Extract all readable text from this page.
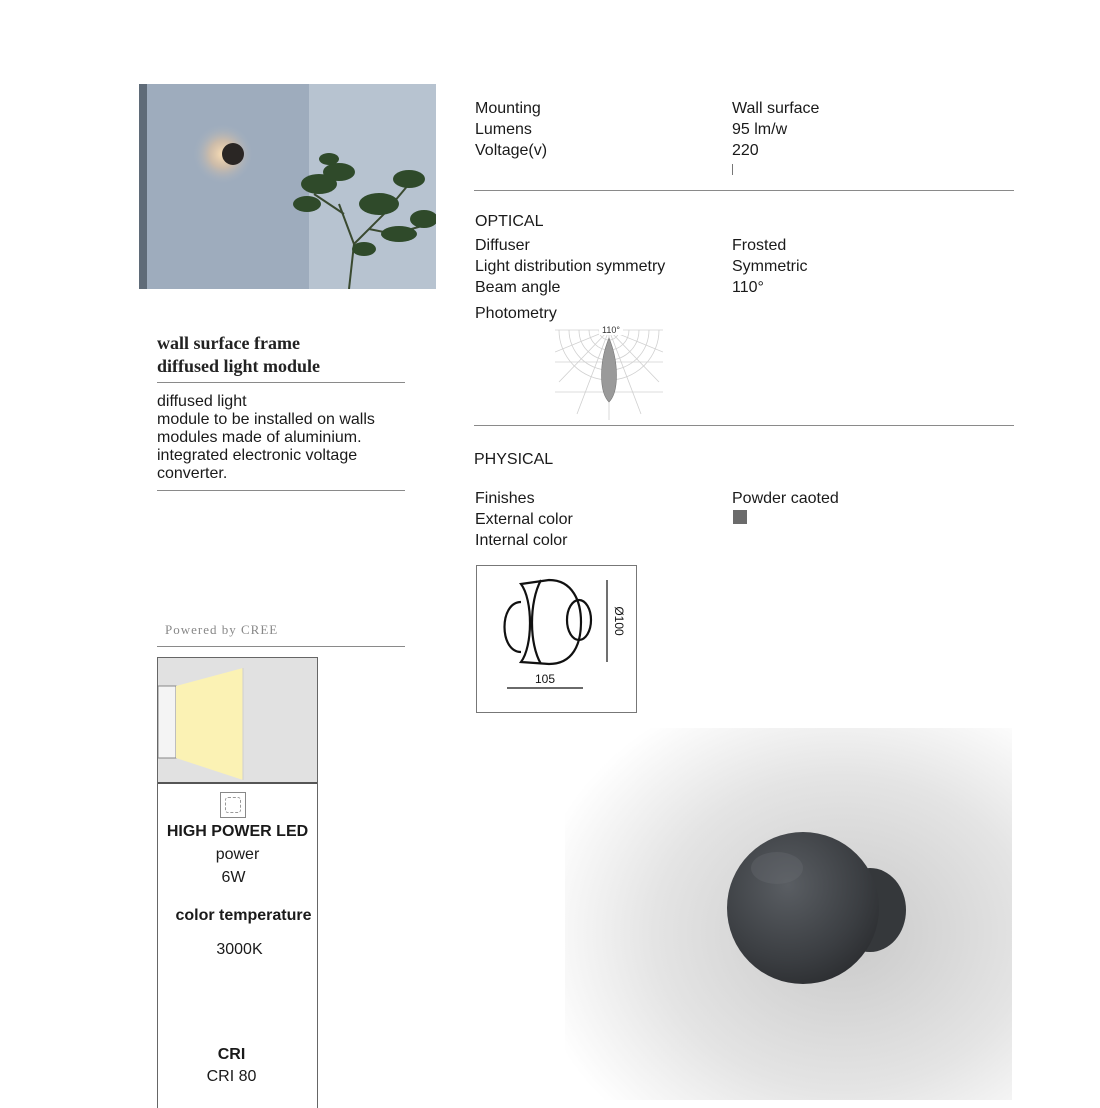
wall surface frame
diffused light module
diffused light
module to be installed on walls
modules made of aluminium.
integrated electronic voltage
converter.
Powered by CREE
HIGH POWER LED
power
6W
color temperature
3000K
CRI
CRI 80
Mounting
Lumens
Voltage(v)
Wall surface
95 lm/w
220
OPTICAL
Diffuser
Light distribution symmetry
Beam angle
Frosted
Symmetric
110°
Photometry
110°
PHYSICAL
Finishes
External color
Internal color
Powder caoted
Ø100
105
